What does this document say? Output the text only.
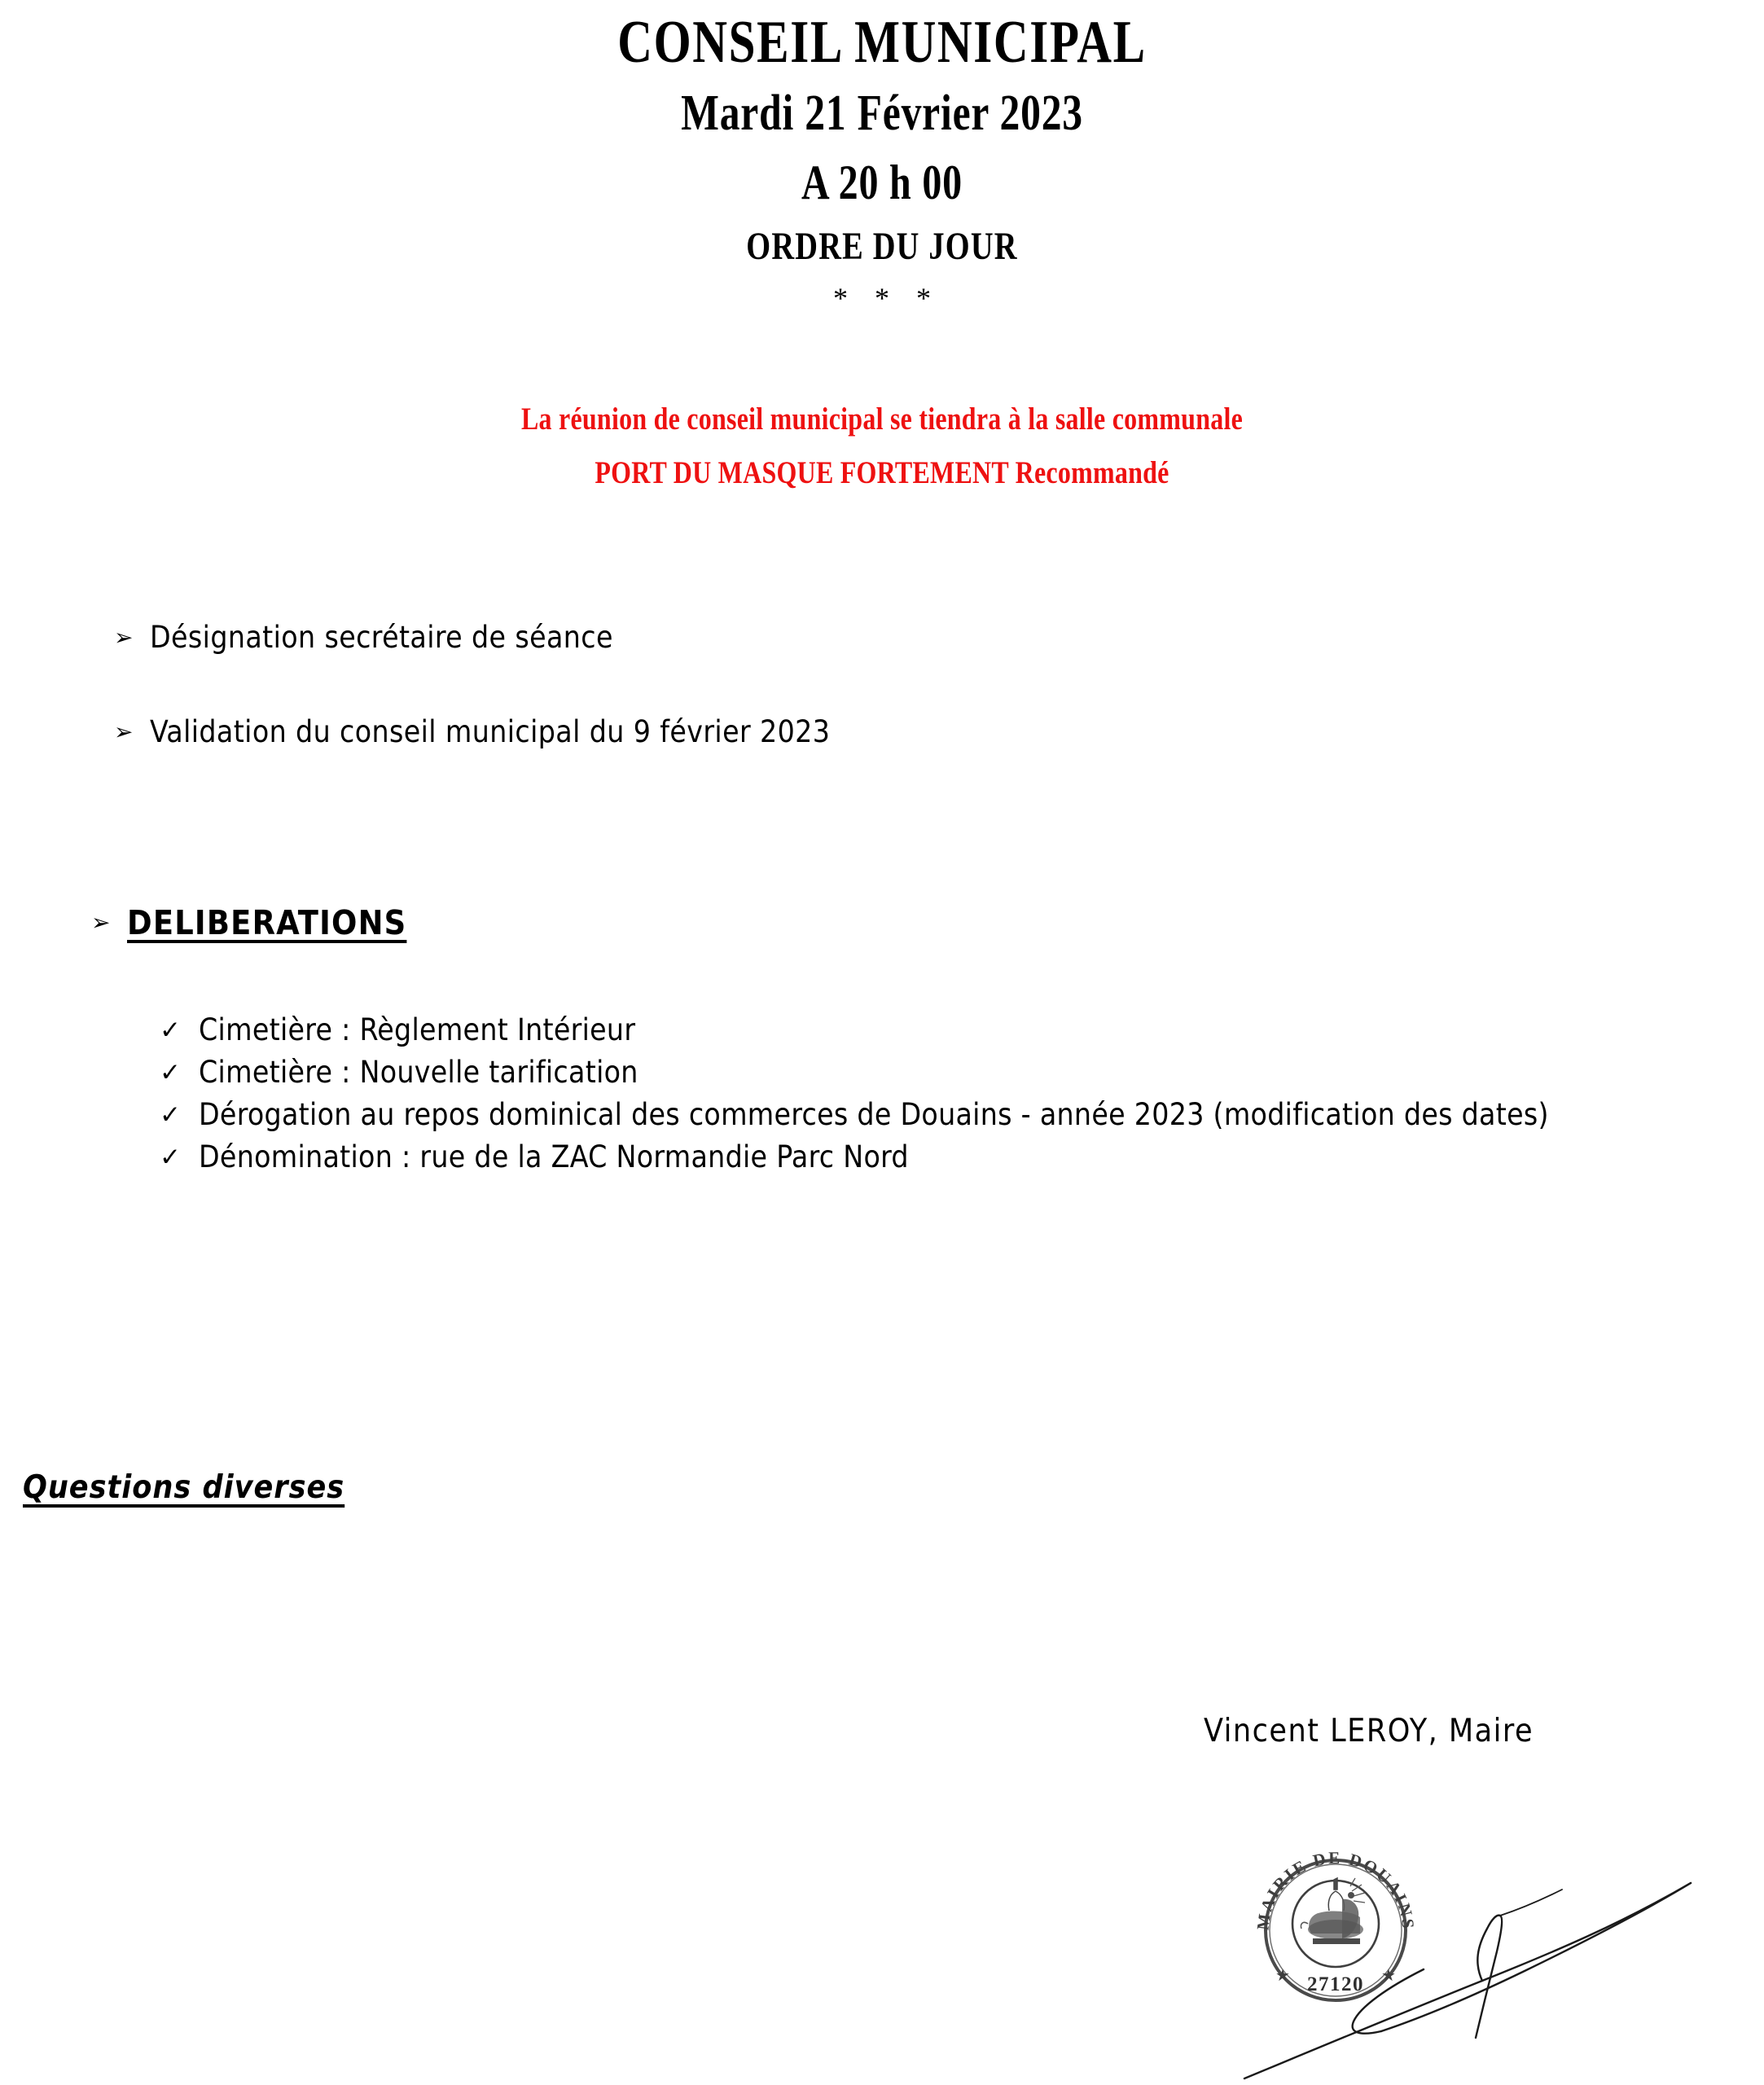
CONSEIL MUNICIPAL
Mardi 21 Février 2023
A 20 h 00
ORDRE DU JOUR
* * *
La réunion de conseil municipal se tiendra à la salle communale
PORT DU MASQUE FORTEMENT Recommandé
➢ Désignation secrétaire de séance
➢ Validation du conseil municipal du 9 février 2023
➢ DELIBERATIONS
✓ Cimetière : Règlement Intérieur
✓ Cimetière : Nouvelle tarification
✓ Dérogation au repos dominical des commerces de Douains - année 2023 (modification des dates)
✓ Dénomination : rue de la ZAC Normandie Parc Nord
Questions diverses
Vincent LEROY, Maire
MAIRIE DE DOUAINS
★	★
27120
